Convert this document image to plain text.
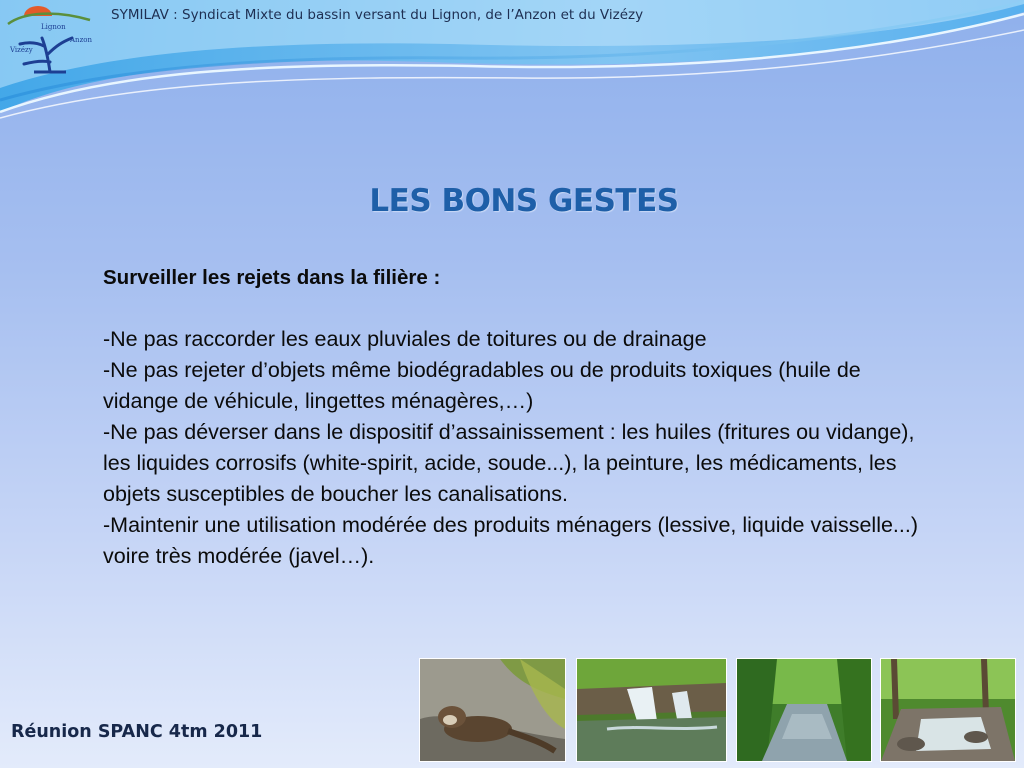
Lignon
Anzon
Vizézy
SYMILAV : Syndicat Mixte du bassin versant du Lignon, de l’Anzon et du Vizézy
LES BONS GESTES
Surveiller les rejets dans la filière :

-Ne pas raccorder les eaux pluviales de toitures ou de drainage

-Ne pas rejeter d’objets même biodégradables ou de produits toxiques (huile de vidange de véhicule, lingettes ménagères,…)

-Ne pas déverser dans le dispositif d’assainissement : les huiles (fritures ou vidange), les liquides corrosifs (white-spirit, acide, soude...), la peinture, les médicaments, les objets susceptibles de boucher les canalisations.

-Maintenir une utilisation modérée des produits ménagers (lessive, liquide vaisselle...) voire très modérée (javel…).

Réunion SPANC 4tm 2011
